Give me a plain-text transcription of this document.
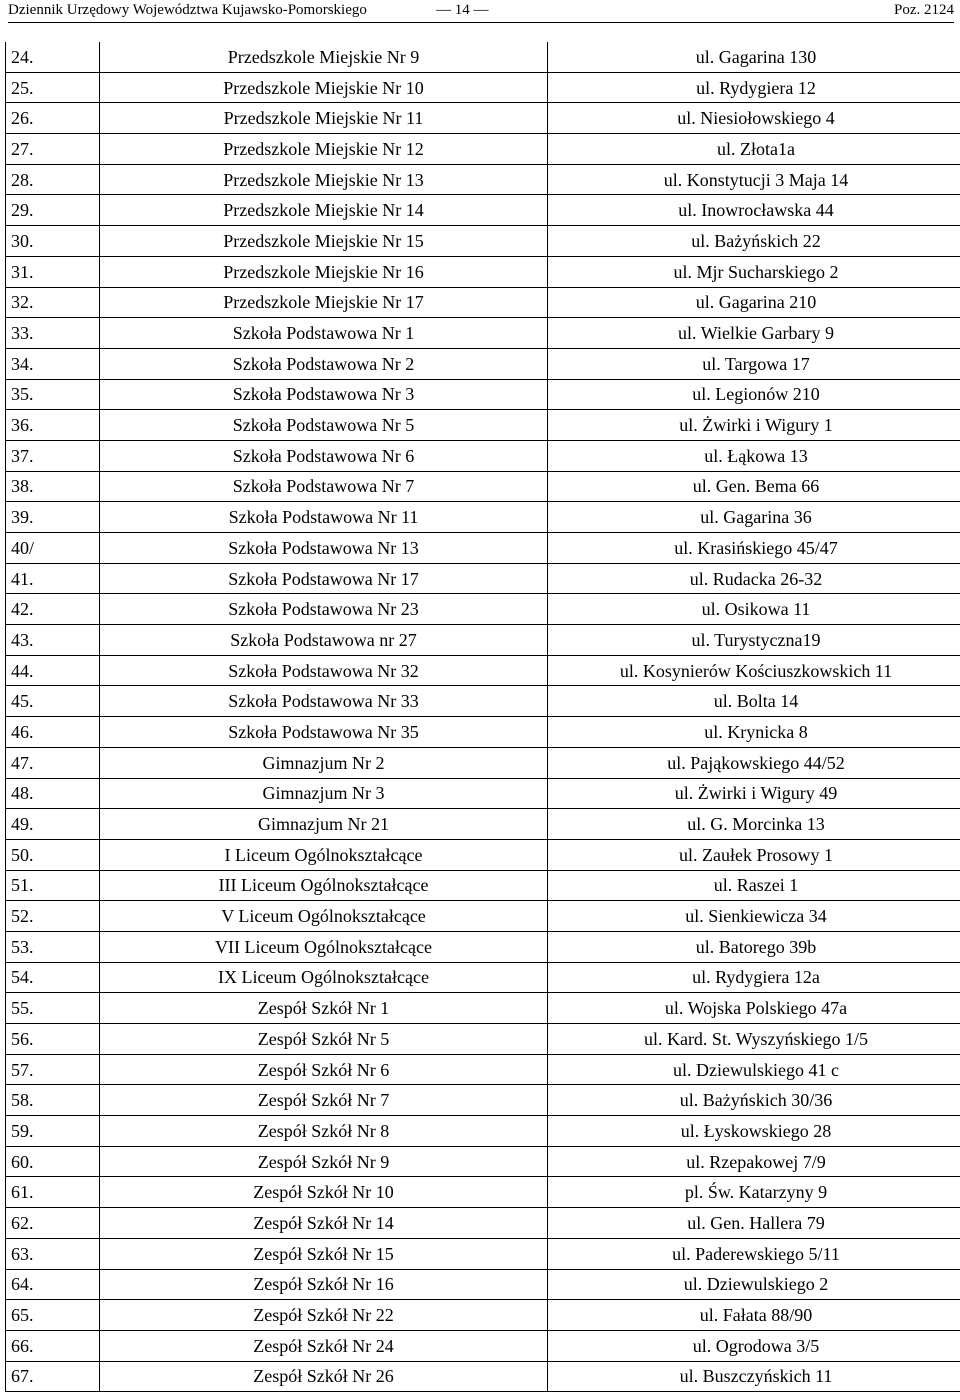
Dziennik Urzędowy Województwa Kujawsko-Pomorskiego	— 14 —	Poz. 2124
24.	Przedszkole Miejskie Nr 9	ul. Gagarina 130
25.	Przedszkole Miejskie Nr 10	ul. Rydygiera 12
26.	Przedszkole Miejskie Nr 11	ul. Niesiołowskiego 4
27.	Przedszkole Miejskie Nr 12	ul. Złota1a
28.	Przedszkole Miejskie Nr 13	ul. Konstytucji 3 Maja 14
29.	Przedszkole Miejskie Nr 14	ul. Inowrocławska 44
30.	Przedszkole Miejskie Nr 15	ul. Bażyńskich 22
31.	Przedszkole Miejskie Nr 16	ul. Mjr Sucharskiego 2
32.	Przedszkole Miejskie Nr 17	ul. Gagarina 210
33.	Szkoła Podstawowa Nr 1	ul. Wielkie Garbary 9
34.	Szkoła Podstawowa Nr 2	ul. Targowa 17
35.	Szkoła Podstawowa Nr 3	ul. Legionów 210
36.	Szkoła Podstawowa Nr 5	ul. Żwirki i Wigury 1
37.	Szkoła Podstawowa Nr 6	ul. Łąkowa 13
38.	Szkoła Podstawowa Nr 7	ul. Gen. Bema 66
39.	Szkoła Podstawowa Nr 11	ul. Gagarina 36
40/	Szkoła Podstawowa Nr 13	ul. Krasińskiego 45/47
41.	Szkoła Podstawowa Nr 17	ul. Rudacka 26-32
42.	Szkoła Podstawowa Nr 23	ul. Osikowa 11
43.	Szkoła Podstawowa nr 27	ul. Turystyczna19
44.	Szkoła Podstawowa Nr 32	ul. Kosynierów Kościuszkowskich 11
45.	Szkoła Podstawowa Nr 33	ul. Bolta 14
46.	Szkoła Podstawowa Nr 35	ul. Krynicka 8
47.	Gimnazjum Nr 2	ul. Pająkowskiego 44/52
48.	Gimnazjum Nr 3	ul. Żwirki i Wigury 49
49.	Gimnazjum Nr 21	ul. G. Morcinka 13
50.	I Liceum Ogólnokształcące	ul. Zaułek Prosowy 1
51.	III Liceum Ogólnokształcące	ul. Raszei 1
52.	V Liceum Ogólnokształcące	ul. Sienkiewicza 34
53.	VII Liceum Ogólnokształcące	ul. Batorego 39b
54.	IX Liceum Ogólnokształcące	ul. Rydygiera 12a
55.	Zespół Szkół Nr 1	ul. Wojska Polskiego 47a
56.	Zespół Szkół Nr 5	ul. Kard. St. Wyszyńskiego 1/5
57.	Zespół Szkół Nr 6	ul. Dziewulskiego 41 c
58.	Zespół Szkół Nr 7	ul. Bażyńskich 30/36
59.	Zespół Szkół Nr 8	ul. Łyskowskiego 28
60.	Zespół Szkół Nr 9	ul. Rzepakowej 7/9
61.	Zespół Szkół Nr 10	pl. Św. Katarzyny 9
62.	Zespół Szkół Nr 14	ul. Gen. Hallera 79
63.	Zespół Szkół Nr 15	ul. Paderewskiego 5/11
64.	Zespół Szkół Nr 16	ul. Dziewulskiego 2
65.	Zespół Szkół Nr 22	ul. Fałata 88/90
66.	Zespół Szkół Nr 24	ul. Ogrodowa 3/5
67.	Zespół Szkół Nr 26	ul. Buszczyńskich 11
